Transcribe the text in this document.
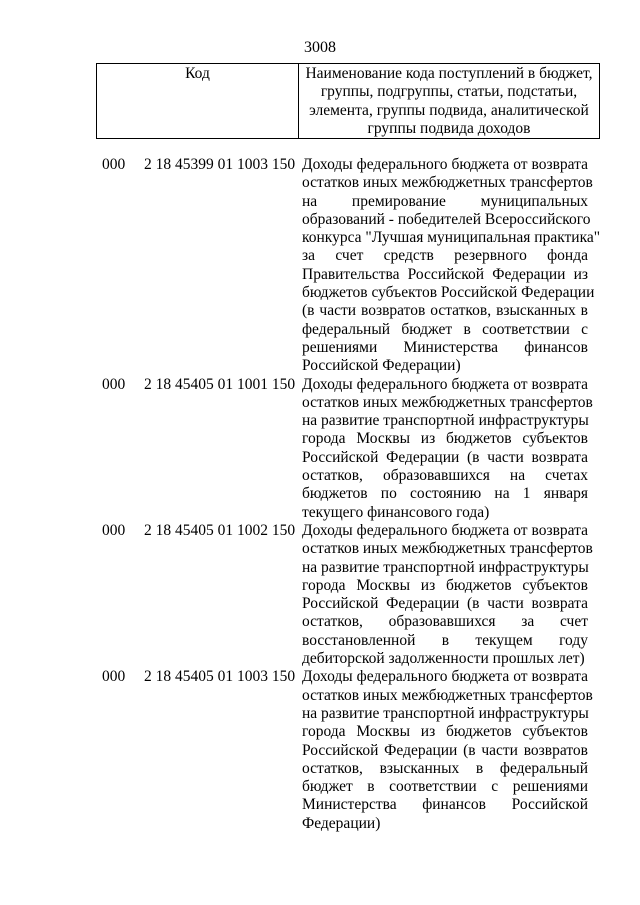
3008
Код	Наименование кода поступлений в бюджет,
группы, подгруппы, статьи, подстатьи,
элемента, группы подвида, аналитической
группы подвида доходов
000 2 18 45399 01 1003 150 Доходы федерального бюджета от возврата
остатков иных межбюджетных трансфертов
на премирование муниципальных
образований - победителей Всероссийского
конкурса "Лучшая муниципальная практика"
за счет средств резервного фонда
Правительства Российской Федерации из
бюджетов субъектов Российской Федерации
(в части возвратов остатков, взысканных в
федеральный бюджет в соответствии с
решениями Министерства финансов
Российской Федерации)
000 2 18 45405 01 1001 150 Доходы федерального бюджета от возврата
остатков иных межбюджетных трансфертов
на развитие транспортной инфраструктуры
города Москвы из бюджетов субъектов
Российской Федерации (в части возврата
остатков, образовавшихся на счетах
бюджетов по состоянию на 1 января
текущего финансового года)
000 2 18 45405 01 1002 150 Доходы федерального бюджета от возврата
остатков иных межбюджетных трансфертов
на развитие транспортной инфраструктуры
города Москвы из бюджетов субъектов
Российской Федерации (в части возврата
остатков, образовавшихся за счет
восстановленной в текущем году
дебиторской задолженности прошлых лет)
000 2 18 45405 01 1003 150 Доходы федерального бюджета от возврата
остатков иных межбюджетных трансфертов
на развитие транспортной инфраструктуры
города Москвы из бюджетов субъектов
Российской Федерации (в части возвратов
остатков, взысканных в федеральный
бюджет в соответствии с решениями
Министерства финансов Российской
Федерации)
